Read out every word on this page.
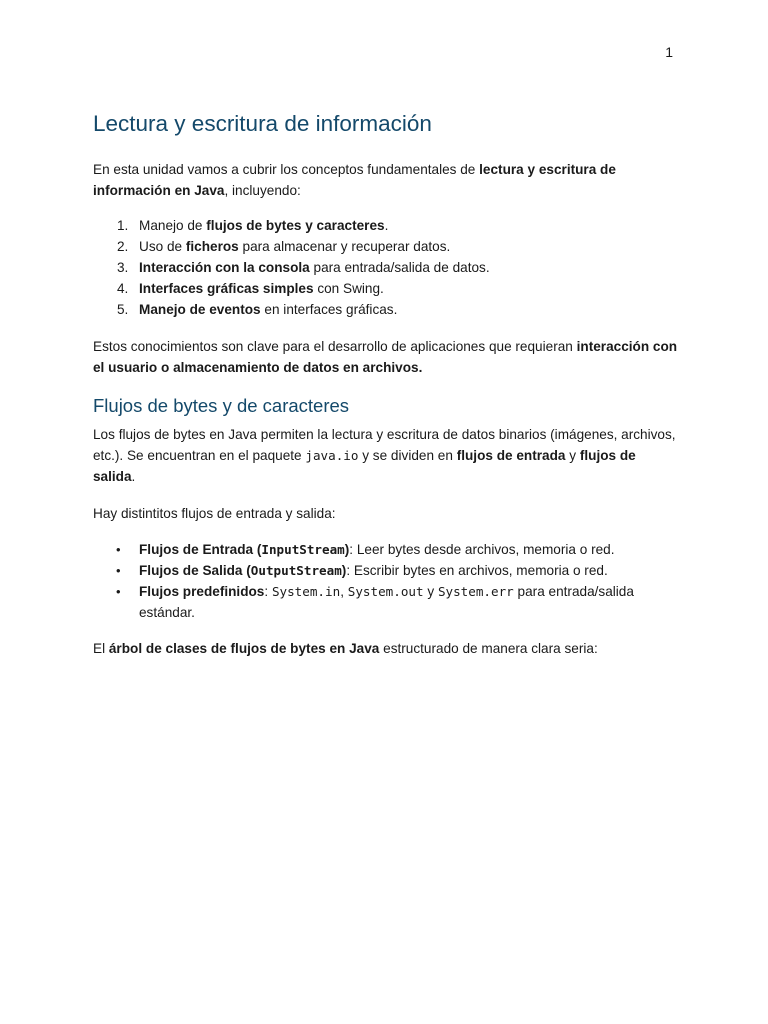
1
Lectura y escritura de información

En esta unidad vamos a cubrir los conceptos fundamentales de lectura y escritura de información en Java, incluyendo:

1. Manejo de flujos de bytes y caracteres.
2. Uso de ficheros para almacenar y recuperar datos.
3. Interacción con la consola para entrada/salida de datos.
4. Interfaces gráficas simples con Swing.
5. Manejo de eventos en interfaces gráficas.

Estos conocimientos son clave para el desarrollo de aplicaciones que requieran interacción con el usuario o almacenamiento de datos en archivos.

Flujos de bytes y de caracteres

Los flujos de bytes en Java permiten la lectura y escritura de datos binarios (imágenes, archivos, etc.). Se encuentran en el paquete java.io y se dividen en flujos de entrada y flujos de salida.

Hay distintitos flujos de entrada y salida:

• Flujos de Entrada (InputStream): Leer bytes desde archivos, memoria o red.
• Flujos de Salida (OutputStream): Escribir bytes en archivos, memoria o red.
• Flujos predefinidos: System.in, System.out y System.err para entrada/salida estándar.

El árbol de clases de flujos de bytes en Java estructurado de manera clara seria:
